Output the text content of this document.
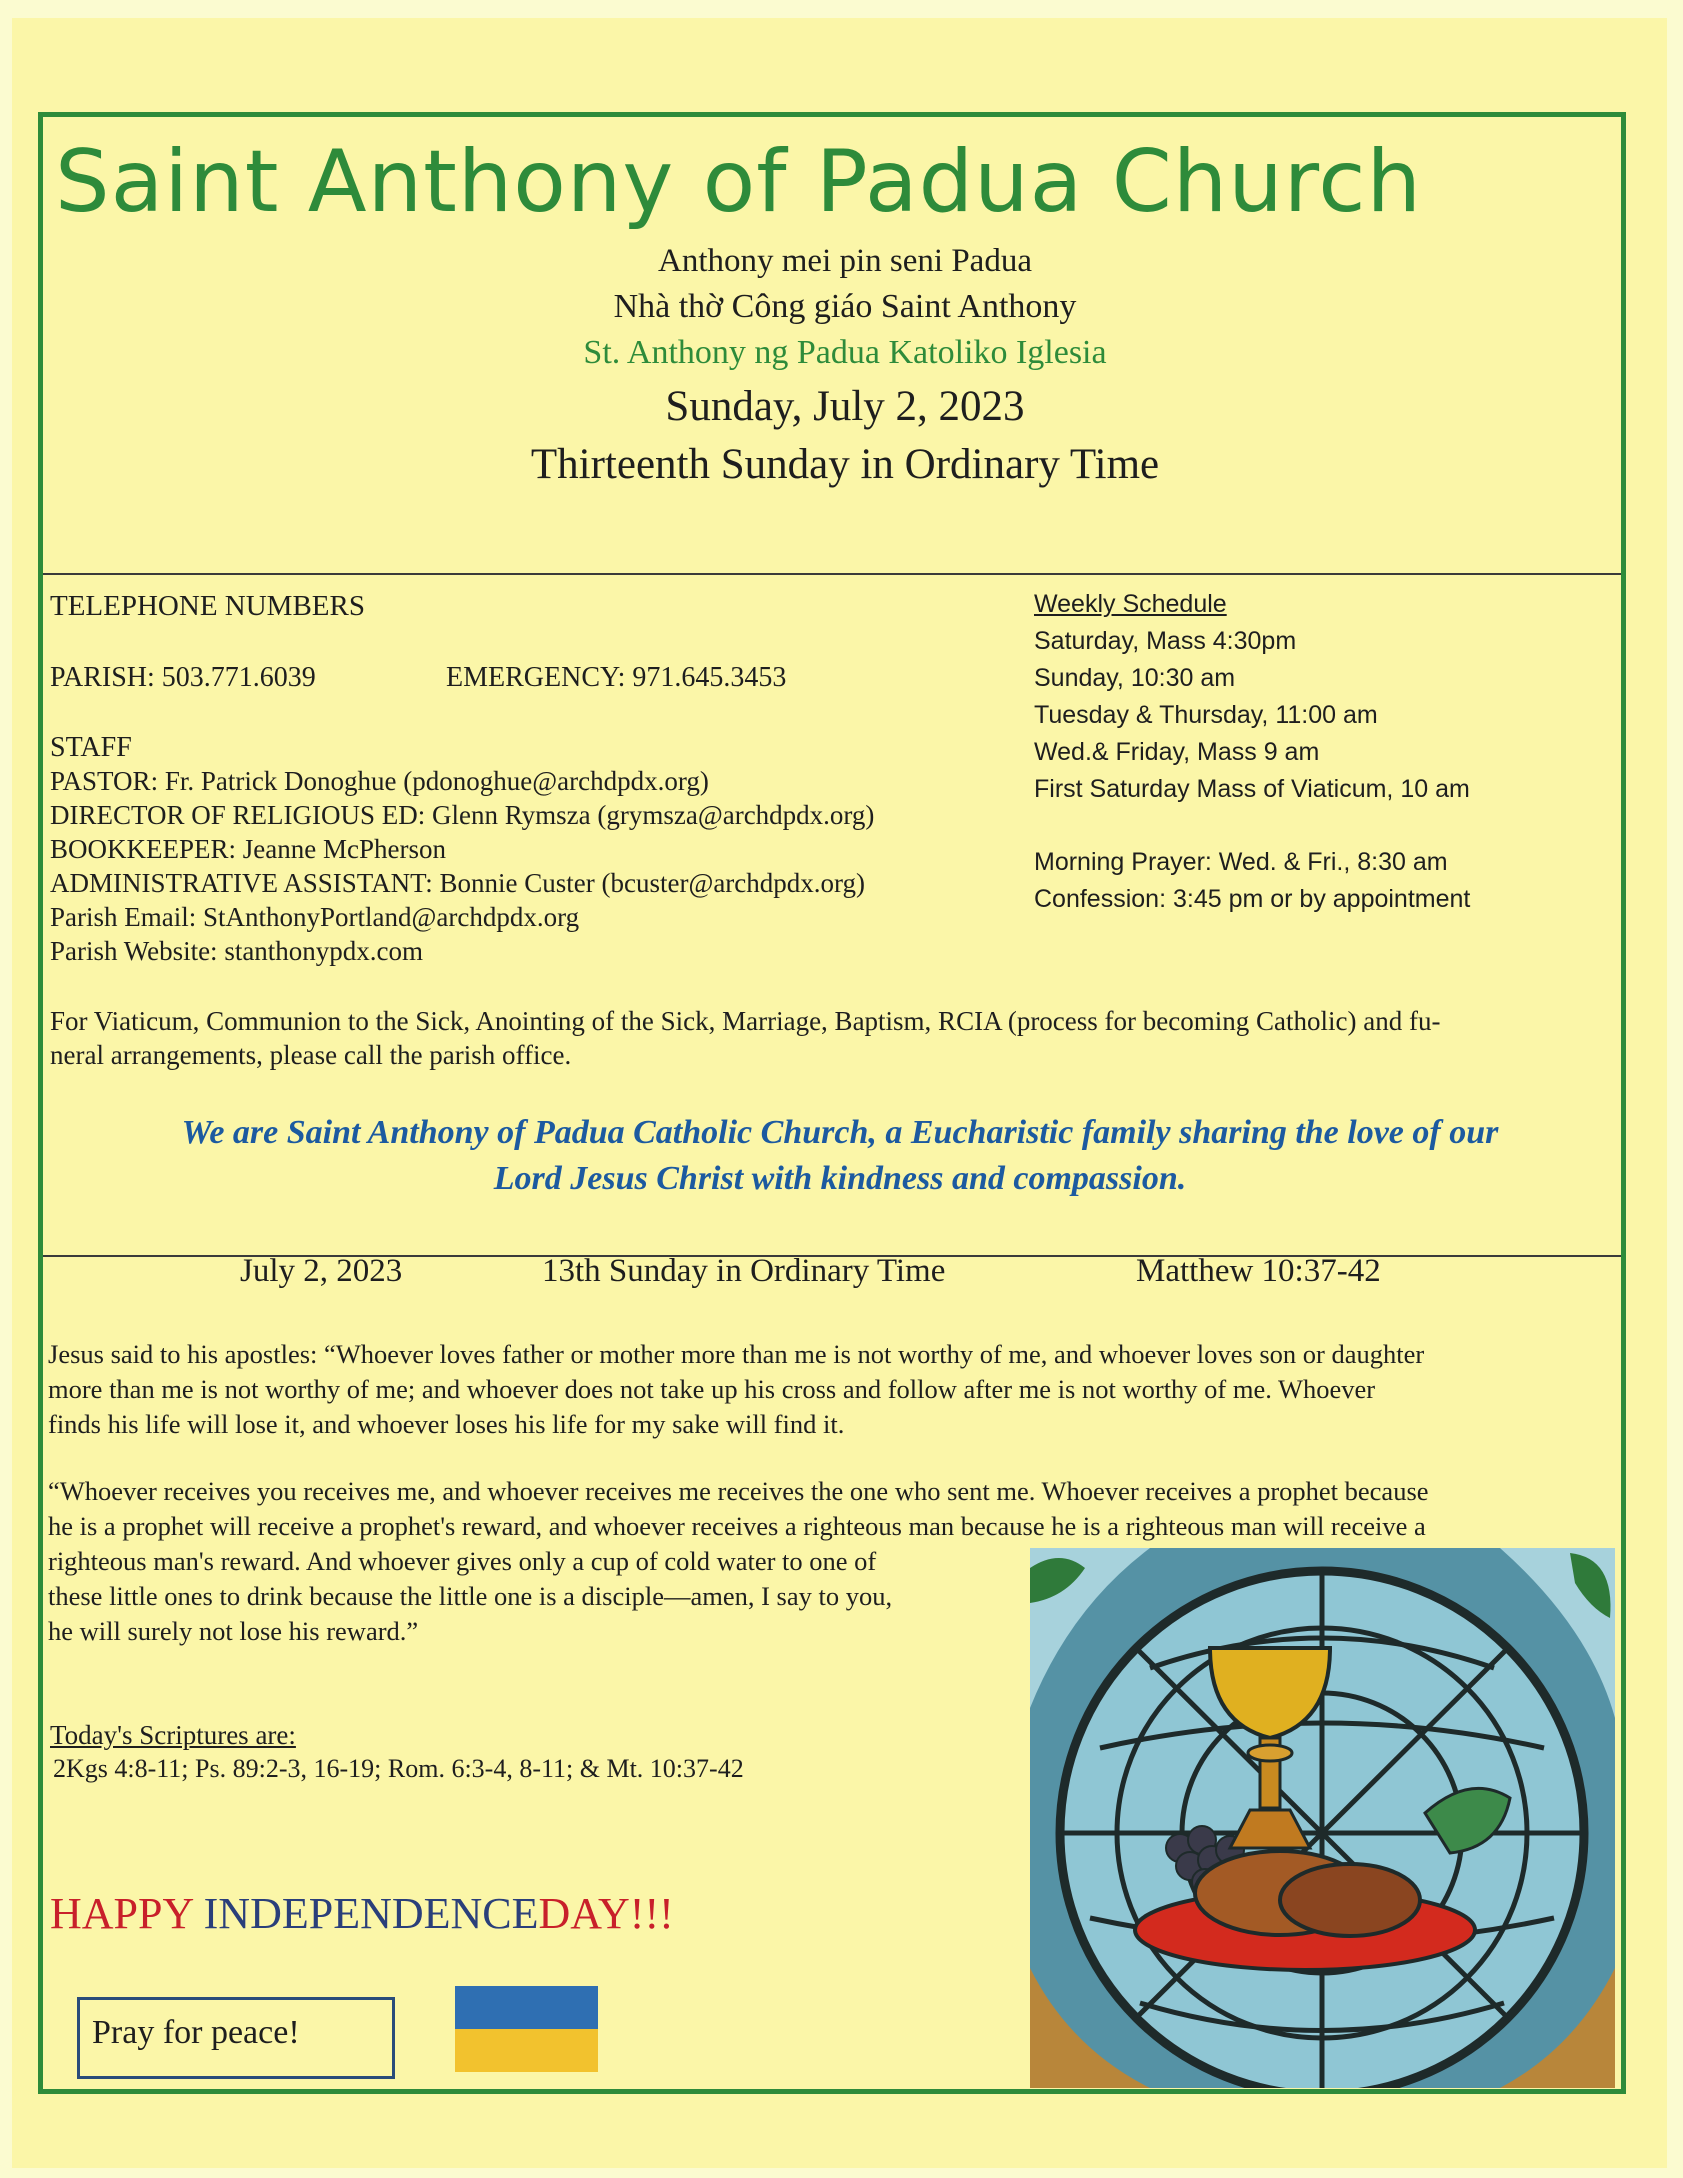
Saint Anthony of Padua Church
Anthony mei pin seni Padua
Nhà thờ Công giáo Saint Anthony
St. Anthony ng Padua Katoliko Iglesia
Sunday, July 2, 2023
Thirteenth Sunday in Ordinary Time
TELEPHONE NUMBERS
PARISH: 503.771.6039	EMERGENCY: 971.645.3453
STAFF
PASTOR: Fr. Patrick Donoghue (pdonoghue@archdpdx.org)
DIRECTOR OF RELIGIOUS ED: Glenn Rymsza (grymsza@archdpdx.org)
BOOKKEEPER: Jeanne McPherson
ADMINISTRATIVE ASSISTANT: Bonnie Custer (bcuster@archdpdx.org)
Parish Email: StAnthonyPortland@archdpdx.org
Parish Website: stanthonypdx.com
For Viaticum, Communion to the Sick, Anointing of the Sick, Marriage, Baptism, RCIA (process for becoming Catholic) and fu-
neral arrangements, please call the parish office.
Weekly Schedule
Saturday, Mass 4:30pm
Sunday, 10:30 am
Tuesday & Thursday, 11:00 am
Wed.& Friday, Mass 9 am
First Saturday Mass of Viaticum, 10 am
Morning Prayer: Wed. & Fri., 8:30 am
Confession: 3:45 pm or by appointment
We are Saint Anthony of Padua Catholic Church, a Eucharistic family sharing the love of our
Lord Jesus Christ with kindness and compassion.
July 2, 2023	13th Sunday in Ordinary Time	Matthew 10:37-42
Jesus said to his apostles: “Whoever loves father or mother more than me is not worthy of me, and whoever loves son or daughter
more than me is not worthy of me; and whoever does not take up his cross and follow after me is not worthy of me. Whoever
finds his life will lose it, and whoever loses his life for my sake will find it.
“Whoever receives you receives me, and whoever receives me receives the one who sent me. Whoever receives a prophet because
he is a prophet will receive a prophet's reward, and whoever receives a righteous man because he is a righteous man will receive a
righteous man's reward. And whoever gives only a cup of cold water to one of
these little ones to drink because the little one is a disciple—amen, I say to you,
he will surely not lose his reward.”
Today's Scriptures are:
2Kgs 4:8-11; Ps. 89:2-3, 16-19; Rom. 6:3-4, 8-11; & Mt. 10:37-42
HAPPY INDEPENDENCEDAY!!!
Pray for peace!
